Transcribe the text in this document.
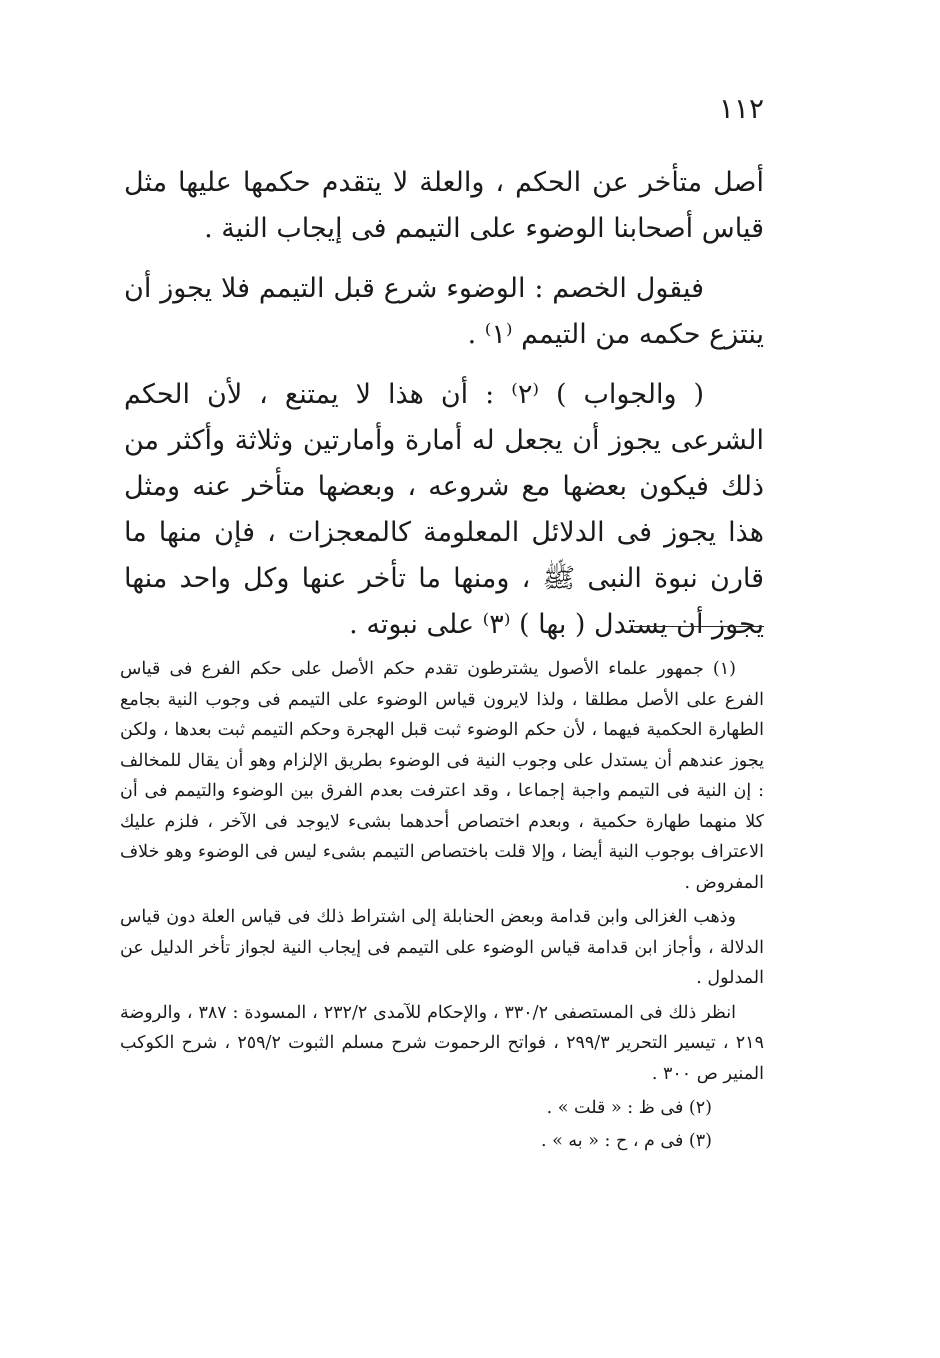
١١٢

أصل متأخر عن الحكم ، والعلة لا يتقدم حكمها عليها مثل قياس أصحابنا الوضوء على التيمم فى إيجاب النية .

فيقول الخصم : الوضوء شرع قبل التيمم فلا يجوز أن ينتزع حكمه من التيمم ⁽١⁾ .

( والجواب ) ⁽٢⁾ : أن هذا لا يمتنع ، لأن الحكم الشرعى يجوز أن يجعل له أمارة وأمارتين وثلاثة وأكثر من ذلك فيكون بعضها مع شروعه ، وبعضها متأخر عنه ومثل هذا يجوز فى الدلائل المعلومة كالمعجزات ، فإن منها ما قارن نبوة النبى ﷺ ، ومنها ما تأخر عنها وكل واحد منها يجوز أن يستدل ( بها ) ⁽٣⁾ على نبوته .

(١) جمهور علماء الأصول يشترطون تقدم حكم الأصل على حكم الفرع فى قياس الفرع على الأصل مطلقا ، ولذا لايرون قياس الوضوء على التيمم فى وجوب النية بجامع الطهارة الحكمية فيهما ، لأن حكم الوضوء ثبت قبل الهجرة وحكم التيمم ثبت بعدها ، ولكن يجوز عندهم أن يستدل على وجوب النية فى الوضوء بطريق الإلزام وهو أن يقال للمخالف : إن النية فى التيمم واجبة إجماعا ، وقد اعترفت بعدم الفرق بين الوضوء والتيمم فى أن كلا منهما طهارة حكمية ، وبعدم اختصاص أحدهما بشىء لايوجد فى الآخر ، فلزم عليك الاعتراف بوجوب النية أيضا ، وإلا قلت باختصاص التيمم بشىء ليس فى الوضوء وهو خلاف المفروض .

وذهب الغزالى وابن قدامة وبعض الحنابلة إلى اشتراط ذلك فى قياس العلة دون قياس الدلالة ، وأجاز ابن قدامة قياس الوضوء على التيمم فى إيجاب النية لجواز تأخر الدليل عن المدلول .

انظر ذلك فى المستصفى ٣٣٠/٢ ، والإحكام للآمدى ٢٣٢/٢ ، المسودة : ٣٨٧ ، والروضة ٢١٩ ، تيسير التحرير ٢٩٩/٣ ، فواتح الرحموت شرح مسلم الثبوت ٢٥٩/٢ ، شرح الكوكب المنير ص ٣٠٠ .

(٢) فى ظ : « قلت » .

(٣) فى م ، ح : « به » .
